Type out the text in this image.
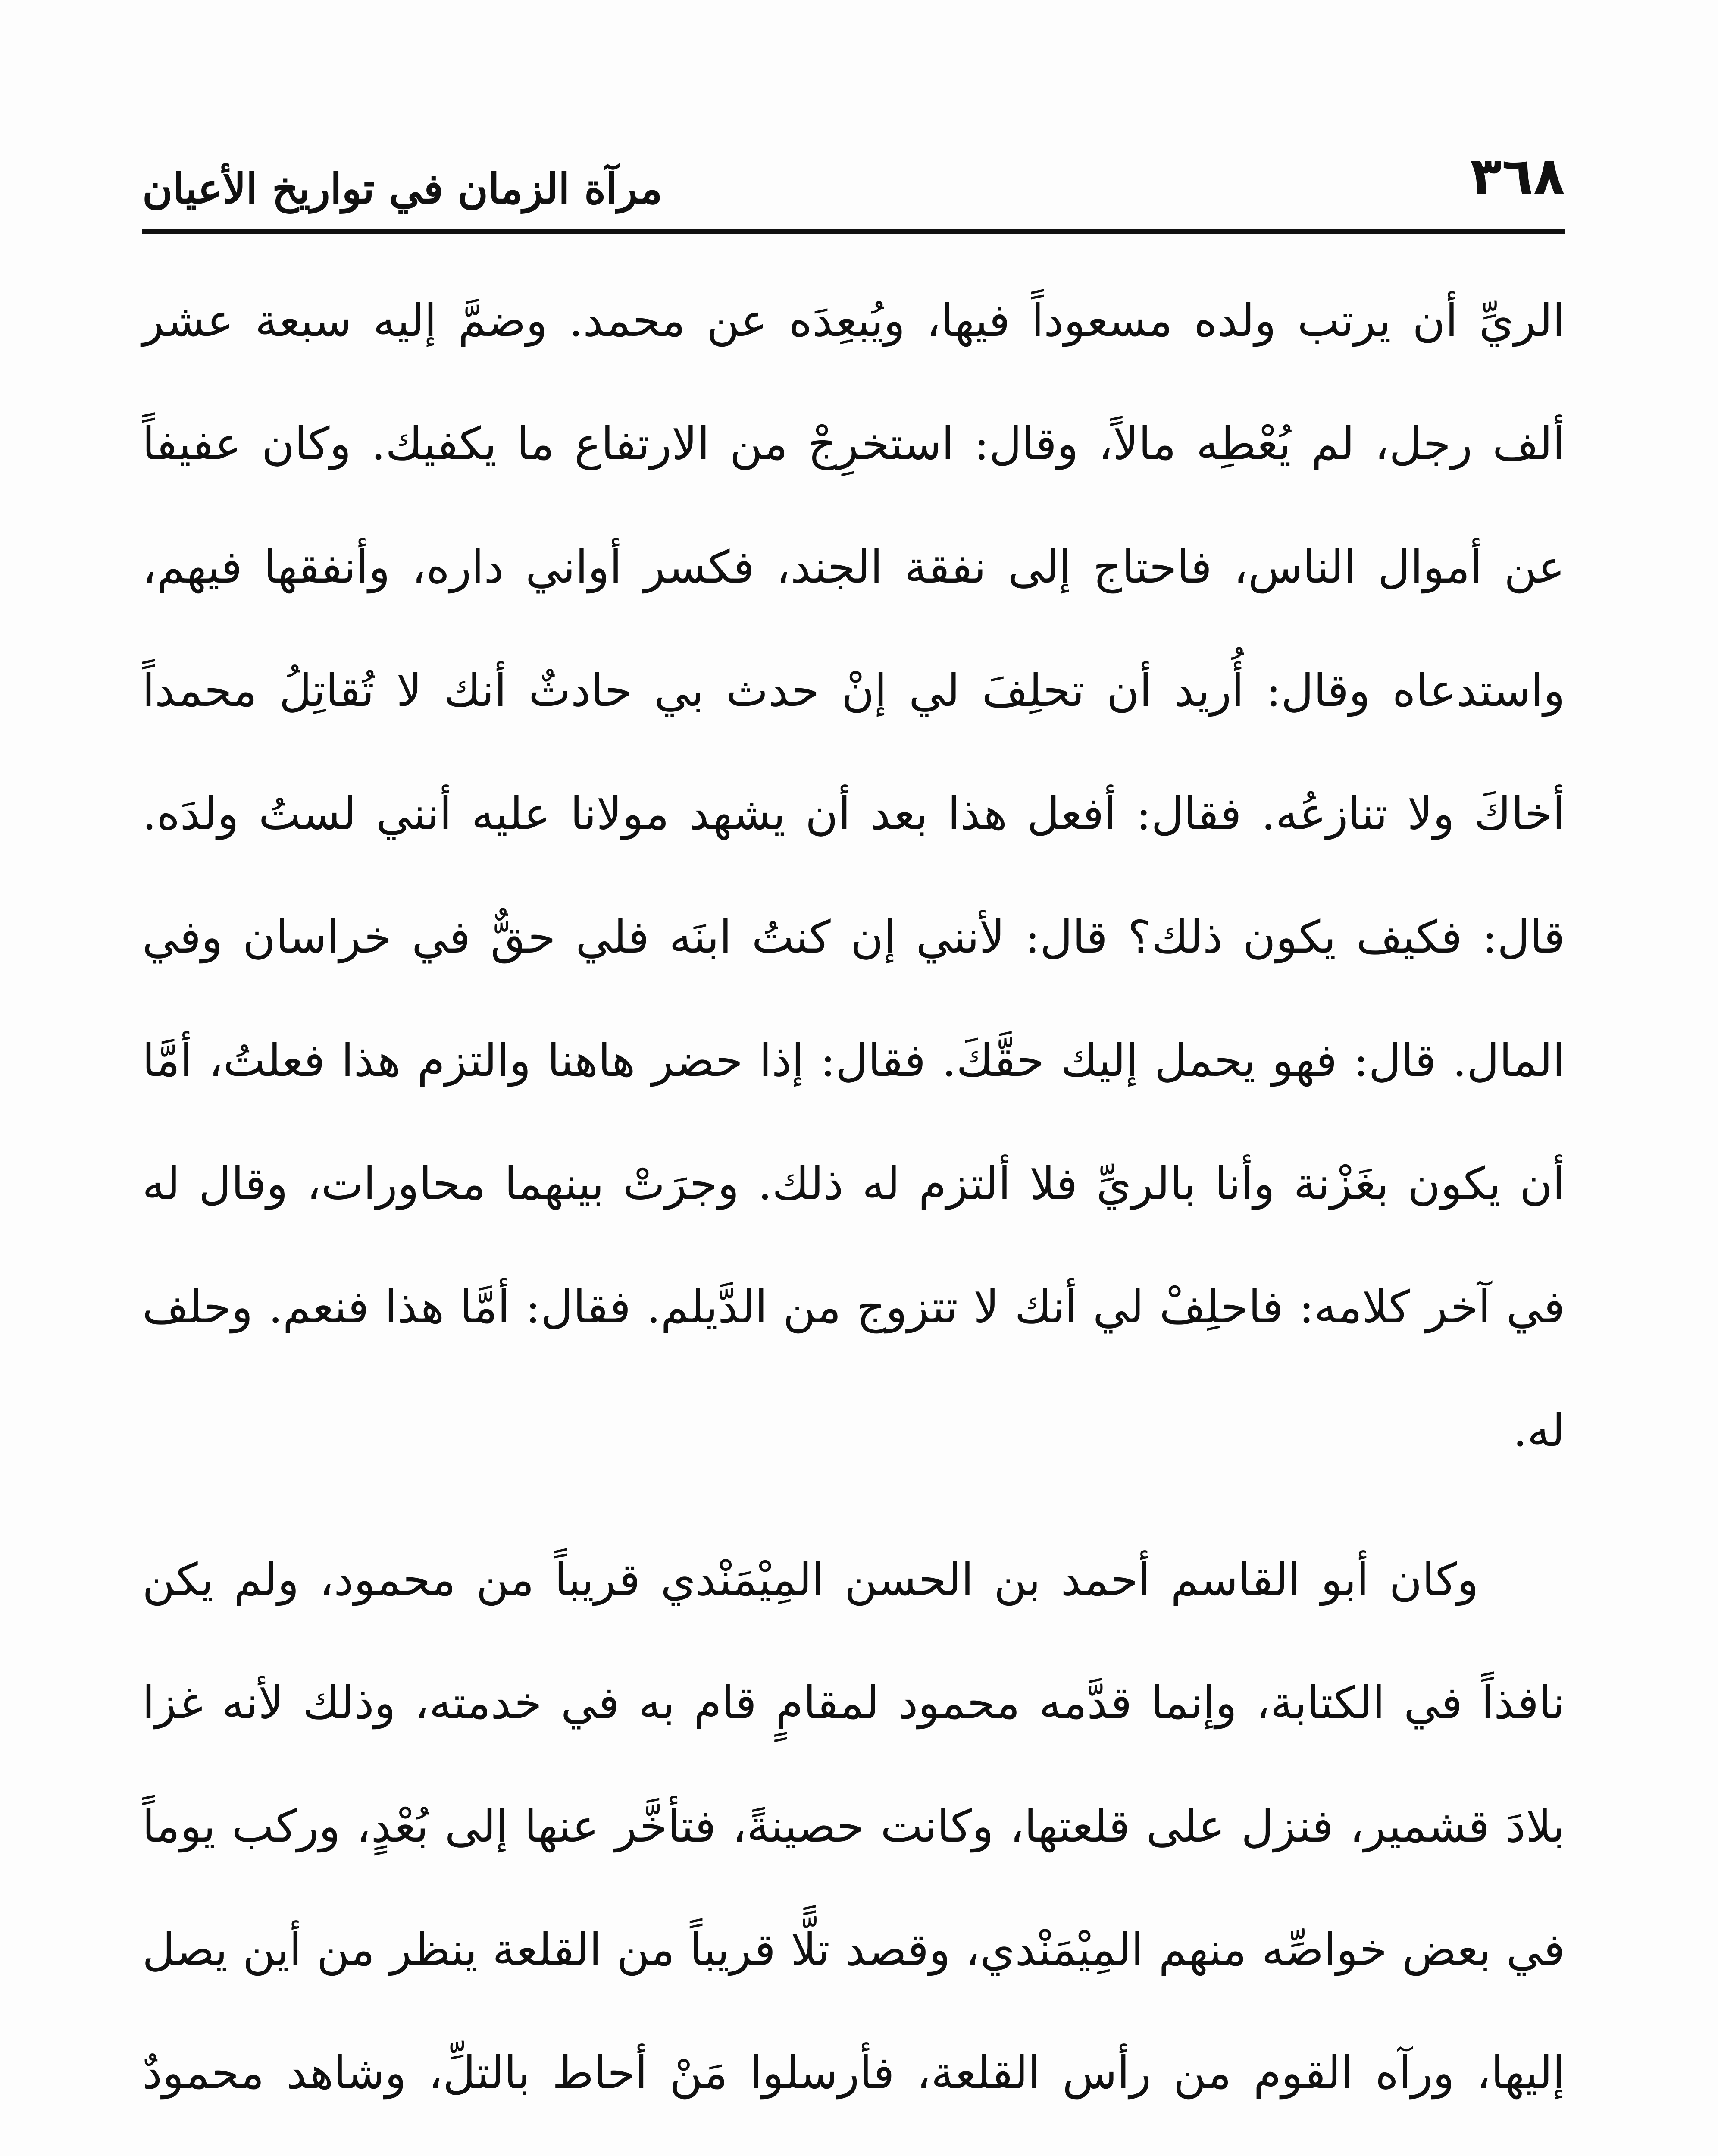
٣٦٨
مرآة الزمان في تواريخ الأعيان

الريِّ أن يرتب ولده مسعوداً فيها، ويُبعِدَه عن محمد. وضمَّ إليه سبعة عشر ألف رجل، لم يُعْطِه مالاً، وقال: استخرِجْ من الارتفاع ما يكفيك. وكان عفيفاً عن أموال الناس، فاحتاج إلى نفقة الجند، فكسر أواني داره، وأنفقها فيهم، واستدعاه وقال: أُريد أن تحلِفَ لي إنْ حدث بي حادثٌ أنك لا تُقاتِلُ محمداً أخاكَ ولا تنازعُه. فقال: أفعل هذا بعد أن يشهد مولانا عليه أنني لستُ ولدَه. قال: فكيف يكون ذلك؟ قال: لأنني إن كنتُ ابنَه فلي حقٌّ في خراسان وفي المال. قال: فهو يحمل إليك حقَّكَ. فقال: إذا حضر هاهنا والتزم هذا فعلتُ، أمَّا أن يكون بغَزْنة وأنا بالريِّ فلا ألتزم له ذلك. وجرَتْ بينهما محاورات، وقال له في آخر كلامه: فاحلِفْ لي أنك لا تتزوج من الدَّيلم. فقال: أمَّا هذا فنعم. وحلف له.

وكان أبو القاسم أحمد بن الحسن المِيْمَنْدي قريباً من محمود، ولم يكن نافذاً في الكتابة، وإنما قدَّمه محمود لمقامٍ قام به في خدمته، وذلك لأنه غزا بلادَ قشمير، فنزل على قلعتها، وكانت حصينةً، فتأخَّر عنها إلى بُعْدٍ، وركب يوماً في بعض خواصِّه منهم المِيْمَنْدي، وقصد تلًّا قريباً من القلعة ينظر من أين يصل إليها، ورآه القوم من رأس القلعة، فأرسلوا مَنْ أحاط بالتلِّ، وشاهد محمودٌ
